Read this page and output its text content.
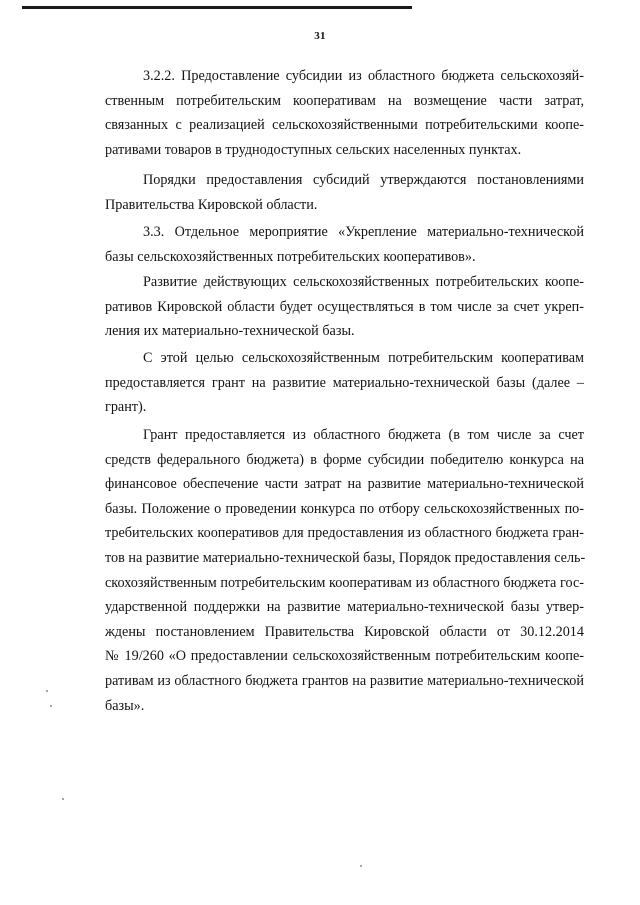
31
3.2.2. Предоставление субсидии из областного бюджета сельскохозяй-
ственным потребительским кооперативам на возмещение части затрат,
связанных с реализацией сельскохозяйственными потребительскими коопе-
ративами товаров в труднодоступных сельских населенных пунктах.
Порядки предоставления субсидий утверждаются постановлениями
Правительства Кировской области.
3.3. Отдельное мероприятие «Укрепление материально-технической
базы сельскохозяйственных потребительских кооперативов».
Развитие действующих сельскохозяйственных потребительских коопе-
ративов Кировской области будет осуществляться в том числе за счет укреп-
ления их материально-технической базы.
С этой целью сельскохозяйственным потребительским кооперативам
предоставляется грант на развитие материально-технической базы (далее –
грант).
Грант предоставляется из областного бюджета (в том числе за счет
средств федерального бюджета) в форме субсидии победителю конкурса на
финансовое обеспечение части затрат на развитие материально-технической
базы. Положение о проведении конкурса по отбору сельскохозяйственных по-
требительских кооперативов для предоставления из областного бюджета гран-
тов на развитие материально-технической базы, Порядок предоставления сель-
скохозяйственным потребительским кооперативам из областного бюджета гос-
ударственной поддержки на развитие материально-технической базы утвер-
ждены постановлением Правительства Кировской области от 30.12.2014
№ 19/260 «О предоставлении сельскохозяйственным потребительским коопе-
ративам из областного бюджета грантов на развитие материально-технической
базы».
